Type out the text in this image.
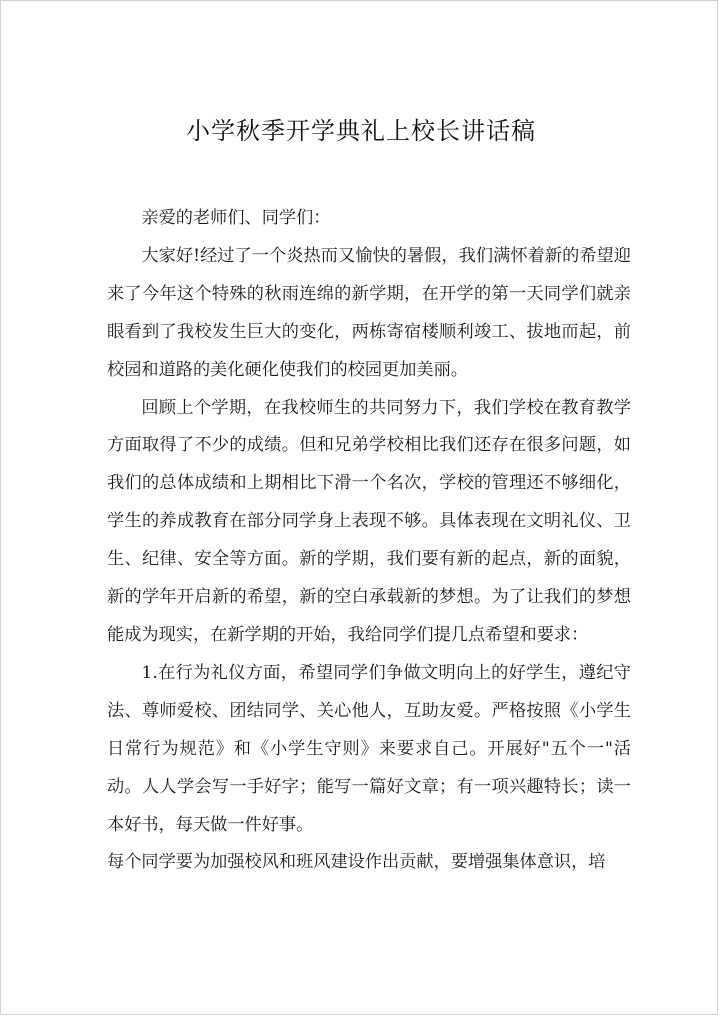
小学秋季开学典礼上校长讲话稿

亲爱的老师们、同学们：

大家好!经过了一个炎热而又愉快的暑假，我们满怀着新的希望迎来了今年这个特殊的秋雨连绵的新学期，在开学的第一天同学们就亲眼看到了我校发生巨大的变化，两栋寄宿楼顺利竣工、拔地而起，前校园和道路的美化硬化使我们的校园更加美丽。

回顾上个学期，在我校师生的共同努力下，我们学校在教育教学方面取得了不少的成绩。但和兄弟学校相比我们还存在很多问题，如我们的总体成绩和上期相比下滑一个名次，学校的管理还不够细化，学生的养成教育在部分同学身上表现不够。具体表现在文明礼仪、卫生、纪律、安全等方面。新的学期，我们要有新的起点，新的面貌，新的学年开启新的希望，新的空白承载新的梦想。为了让我们的梦想能成为现实，在新学期的开始，我给同学们提几点希望和要求：

1.在行为礼仪方面，希望同学们争做文明向上的好学生，遵纪守法、尊师爱校、团结同学、关心他人，互助友爱。严格按照《小学生日常行为规范》和《小学生守则》来要求自己。开展好"五个一"活动。人人学会写一手好字；能写一篇好文章；有一项兴趣特长；读一本好书，每天做一件好事。

每个同学要为加强校风和班风建设作出贡献，要增强集体意识，培
